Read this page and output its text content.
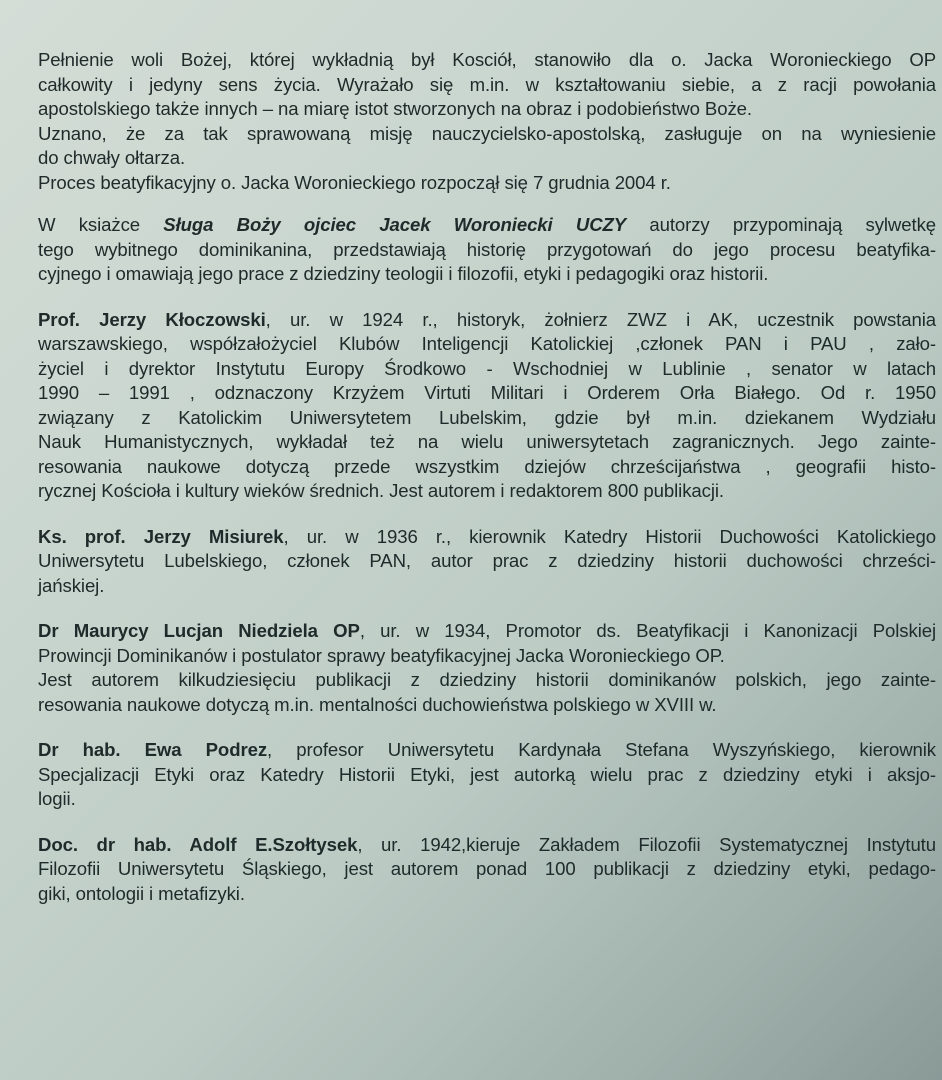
Pełnienie woli Bożej, której wykładnią był Kosciół, stanowiło dla o. Jacka Woronieckiego OP
całkowity i jedyny sens życia. Wyrażało się m.in. w kształtowaniu siebie, a z racji powołania
apostolskiego także innych – na miarę istot stworzonych na obraz i podobieństwo Boże.
Uznano, że za tak sprawowaną misję nauczycielsko-apostolską, zasługuje on na wyniesienie
do chwały ołtarza.
Proces beatyfikacyjny o. Jacka Woronieckiego rozpoczął się 7 grudnia 2004 r.

W ksiażce Sługa Boży ojciec Jacek Woroniecki UCZY autorzy przypominają sylwetkę
tego wybitnego dominikanina, przedstawiają historię przygotowań do jego procesu beatyfika-
cyjnego i omawiają jego prace z dziedziny teologii i filozofii, etyki i pedagogiki oraz historii.

Prof. Jerzy Kłoczowski, ur. w 1924 r., historyk, żołnierz ZWZ i AK, uczestnik powstania
warszawskiego, współzałożyciel Klubów Inteligencji Katolickiej ,członek PAN i PAU , zało-
życiel i dyrektor Instytutu Europy Środkowo - Wschodniej w Lublinie , senator w latach
1990 – 1991 , odznaczony Krzyżem Virtuti Militari i Orderem Orła Białego. Od r. 1950
związany z Katolickim Uniwersytetem Lubelskim, gdzie był m.in. dziekanem Wydziału
Nauk Humanistycznych, wykładał też na wielu uniwersytetach zagranicznych. Jego zainte-
resowania naukowe dotyczą przede wszystkim dziejów chrześcijaństwa , geografii histo-
rycznej Kościoła i kultury wieków średnich. Jest autorem i redaktorem 800 publikacji.

Ks. prof. Jerzy Misiurek, ur. w 1936 r., kierownik Katedry Historii Duchowości Katolickiego
Uniwersytetu Lubelskiego, członek PAN, autor prac z dziedziny historii duchowości chrześci-
jańskiej.

Dr Maurycy Lucjan Niedziela OP, ur. w 1934, Promotor ds. Beatyfikacji i Kanonizacji Polskiej
Prowincji Dominikanów i postulator sprawy beatyfikacyjnej Jacka Woronieckiego OP.
Jest autorem kilkudziesięciu publikacji z dziedziny historii dominikanów polskich, jego zainte-
resowania naukowe dotyczą m.in. mentalności duchowieństwa polskiego w XVIII w.

Dr hab. Ewa Podrez, profesor Uniwersytetu Kardynała Stefana Wyszyńskiego, kierownik
Specjalizacji Etyki oraz Katedry Historii Etyki, jest autorką wielu prac z dziedziny etyki i aksjo-
logii.

Doc. dr hab. Adolf E.Szołtysek, ur. 1942,kieruje Zakładem Filozofii Systematycznej Instytutu
Filozofii Uniwersytetu Śląskiego, jest autorem ponad 100 publikacji z dziedziny etyki, pedago-
giki, ontologii i metafizyki.
